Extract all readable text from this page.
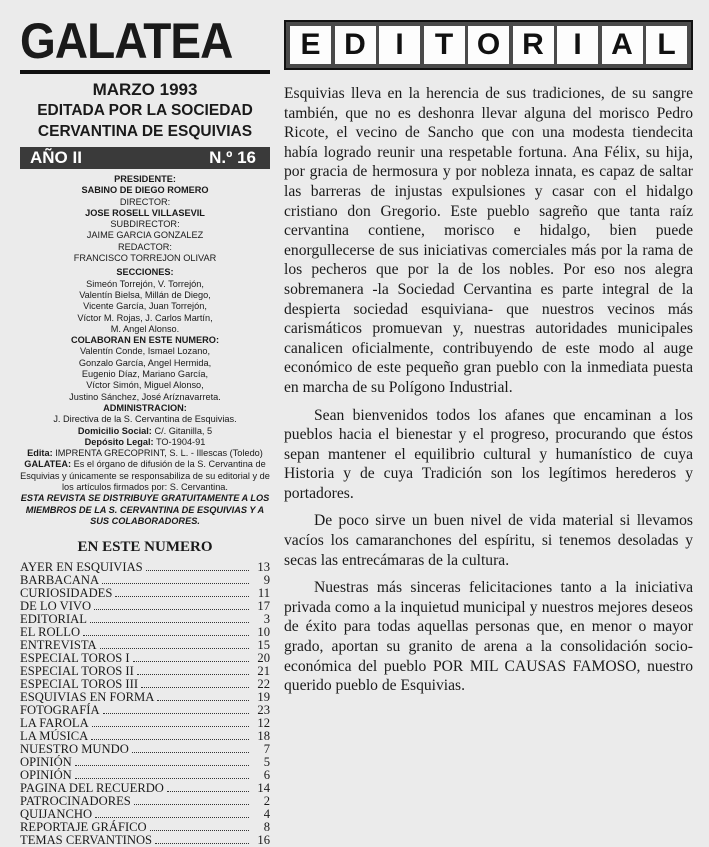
GALATEA
MARZO 1993
EDITADA POR LA SOCIEDAD
CERVANTINA DE ESQUIVIAS
AÑO II	N.º 16
PRESIDENTE:
SABINO DE DIEGO ROMERO
DIRECTOR:
JOSE ROSELL VILLASEVIL
SUBDIRECTOR:
JAIME GARCIA GONZALEZ
REDACTOR:
FRANCISCO TORREJON OLIVAR
SECCIONES:
Simeón Torrejón, V. Torrejón,
Valentín Bielsa, Millán de Diego,
Vicente García, Juan Torrejón,
Víctor M. Rojas, J. Carlos Martín,
M. Angel Alonso.
COLABORAN EN ESTE NUMERO:
Valentín Conde, Ismael Lozano,
Gonzalo García, Angel Hermida,
Eugenio Díaz, Mariano García,
Víctor Simón, Miguel Alonso,
Justino Sánchez, José Aríznavarreta.
ADMINISTRACION:
J. Directiva de la S. Cervantina de Esquivias.
Domicilio Social: C/. Gitanilla, 5
Depósito Legal: TO-1904-91
Edita: IMPRENTA GRECOPRINT, S. L. - Illescas (Toledo)
GALATEA: Es el órgano de difusión de la S. Cervantina de Esquivias y únicamente se responsabiliza de su editorial y de los artículos firmados por: S. Cervantina.
ESTA REVISTA SE DISTRIBUYE GRATUITAMENTE A LOS MIEMBROS DE LA S. CERVANTINA DE ESQUIVIAS Y A SUS COLABORADORES.
EN ESTE NUMERO
AYER EN ESQUIVIAS	13
BARBACANA	9
CURIOSIDADES	11
DE LO VIVO	17
EDITORIAL	3
EL ROLLO	10
ENTREVISTA	15
ESPECIAL TOROS I	20
ESPECIAL TOROS II	21
ESPECIAL TOROS III	22
ESQUIVIAS EN FORMA	19
FOTOGRAFÍA	23
LA FAROLA	12
LA MÚSICA	18
NUESTRO MUNDO	7
OPINIÓN	5
OPINIÓN	6
PAGINA DEL RECUERDO	14
PATROCINADORES	2
QUIJANCHO	4
REPORTAJE GRÁFICO	8
TEMAS CERVANTINOS	16
E D I	T O R I A L

Esquivias lleva en la herencia de sus tradiciones, de su sangre también, que no es deshonra llevar alguna del morisco Pedro Ricote, el vecino de Sancho que con una modesta tiendecita había logrado reunir una respetable fortuna. Ana Félix, su hija, por gracia de hermosura y por nobleza innata, es capaz de saltar las barreras de injustas expulsiones y casar con el hidalgo cristiano don Gregorio. Este pueblo sagreño que tanta raíz cervantina contiene, morisco e hidalgo, bien puede enorgullecerse de sus iniciativas comerciales más por la rama de los pecheros que por la de los nobles. Por eso nos alegra sobremanera -la Sociedad Cervantina es parte integral de la despierta sociedad esquiviana- que nuestros vecinos más carismáticos promuevan y, nuestras autoridades municipales canalicen oficialmente, contribuyendo de este modo al auge económico de este pequeño gran pueblo con la inmediata puesta en marcha de su Polígono Industrial.

Sean bienvenidos todos los afanes que encaminan a los pueblos hacia el bienestar y el progreso, procurando que éstos sepan mantener el equilibrio cultural y humanístico de cuya Historia y de cuya Tradición son los legítimos herederos y portadores.

De poco sirve un buen nivel de vida material si llevamos vacíos los camaranchones del espíritu, si tenemos desoladas y secas las entrecámaras de la cultura.

Nuestras más sinceras felicitaciones tanto a la iniciativa privada como a la inquietud municipal y nuestros mejores deseos de éxito para todas aquellas personas que, en menor o mayor grado, aportan su granito de arena a la consolidación socio-económica del pueblo POR MIL CAUSAS FAMOSO, nuestro querido pueblo de Esquivias.
